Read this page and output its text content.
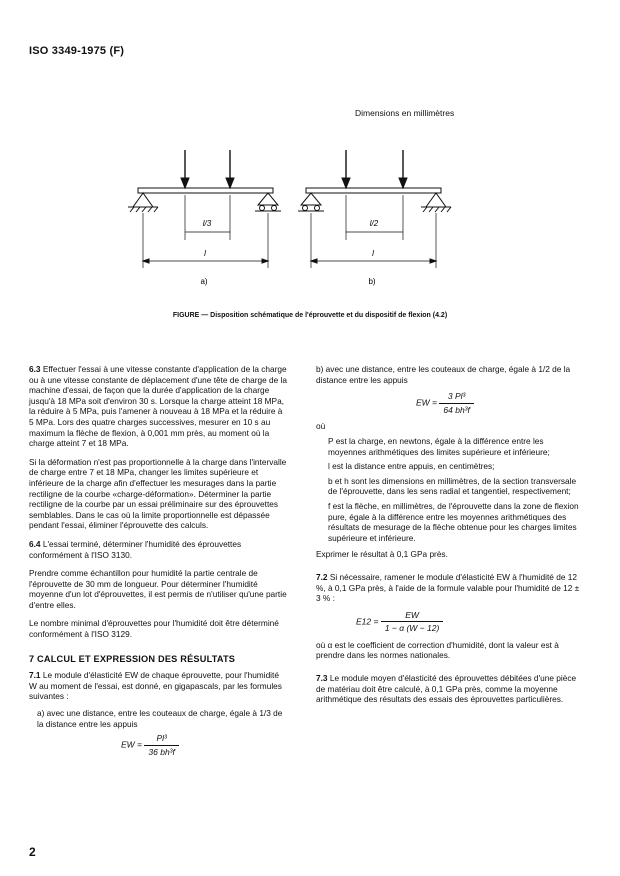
ISO 3349-1975 (F)
Dimensions en millimètres
l/3
l
a)
l/2
l
b)
FIGURE — Disposition schématique de l'éprouvette et du dispositif de flexion (4.2)

6.3 Effectuer l'essai à une vitesse constante d'application de la charge ou à une vitesse constante de déplacement d'une tête de charge de la machine d'essai, de façon que la durée d'application de la charge jusqu'à 18 MPa soit d'environ 30 s. Lorsque la charge atteint 18 MPa, la réduire à 5 MPa, puis l'amener à nouveau à 18 MPa et la réduire à 5 MPa. Lors des quatre charges successives, mesurer en 10 s au maximum la flèche de flexion, à 0,001 mm près, au moment où la charge atteint 7 et 18 MPa.

Si la déformation n'est pas proportionnelle à la charge dans l'intervalle de charge entre 7 et 18 MPa, changer les limites supérieure et inférieure de la charge afin d'effectuer les mesurages dans la partie rectiligne de la courbe «charge-déformation». Déterminer la partie rectiligne de la courbe par un essai préliminaire sur des éprouvettes semblables. Dans le cas où la limite proportionnelle est dépassée pendant l'essai, éliminer l'éprouvette des calculs.

6.4 L'essai terminé, déterminer l'humidité des éprouvettes conformément à l'ISO 3130.

Prendre comme échantillon pour humidité la partie centrale de l'éprouvette de 30 mm de longueur. Pour déterminer l'humidité moyenne d'un lot d'éprouvettes, il est permis de n'utiliser qu'une partie d'entre elles.

Le nombre minimal d'éprouvettes pour l'humidité doit être déterminé conformément à l'ISO 3129.

7 CALCUL ET EXPRESSION DES RÉSULTATS

7.1 Le module d'élasticité EW de chaque éprouvette, pour l'humidité W au moment de l'essai, est donné, en gigapascals, par les formules suivantes :

a) avec une distance, entre les couteaux de charge, égale à 1/3 de la distance entre les appuis

EW = $\frac{\text{Pl³}}{\text{36 bh³f}}$

b) avec une distance, entre les couteaux de charge, égale à 1/2 de la distance entre les appuis

EW = $\frac{\text{3 Pl³}}{\text{64 bh³f}}$

où

P est la charge, en newtons, égale à la différence entre les moyennes arithmétiques des limites supérieure et inférieure;

l est la distance entre appuis, en centimètres;

b et h sont les dimensions en millimètres, de la section transversale de l'éprouvette, dans les sens radial et tangentiel, respectivement;

f est la flèche, en millimètres, de l'éprouvette dans la zone de flexion pure, égale à la différence entre les moyennes arithmétiques des résultats de mesurage de la flèche obtenue pour les charges limites supérieure et inférieure.

Exprimer le résultat à 0,1 GPa près.

7.2 Si nécessaire, ramener le module d'élasticité EW à l'humidité de 12 %, à 0,1 GPa près, à l'aide de la formule valable pour l'humidité de 12 ± 3 % :

$E12 = \frac{EW}{1 - \alpha (W - 12)}$

où α est le coefficient de correction d'humidité, dont la valeur est à prendre dans les normes nationales.

7.3 Le module moyen d'élasticité des éprouvettes débitées d'une pièce de matériau doit être calculé, à 0,1 GPa près, comme la moyenne arithmétique des résultats des essais des éprouvettes particulières.

2
